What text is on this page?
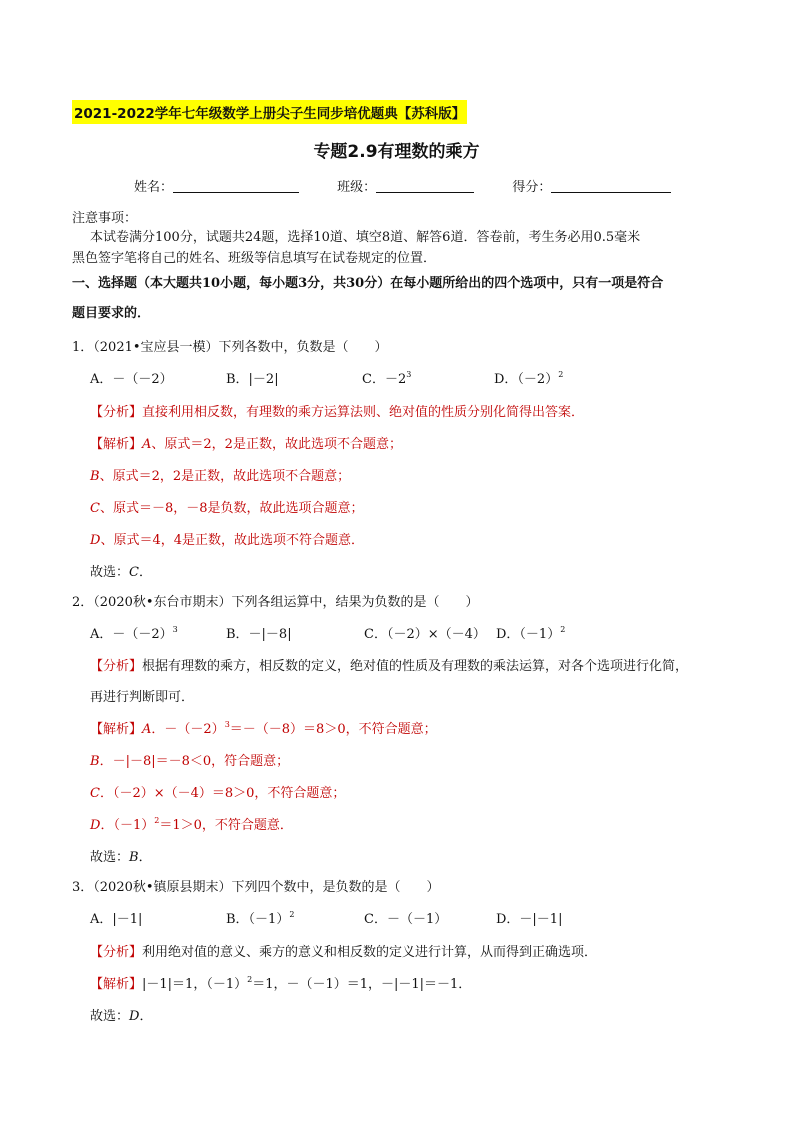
2021-2022学年七年级数学上册尖子生同步培优题典【苏科版】
专题2.9有理数的乘方
姓名：	班级：	得分：
注意事项：
本试卷满分100分，试题共24题，选择10道、填空8道、解答6道．答卷前，考生务必用0.5毫米
黑色签字笔将自己的姓名、班级等信息填写在试卷规定的位置．
一、选择题（本大题共10小题，每小题3分，共30分）在每小题所给出的四个选项中，只有一项是符合
题目要求的．
1．（2021•宝应县一模）下列各数中，负数是（　　）
A．－（－2）	B．|－2|	C．$-2^3$	D．$(-2)^2$
【分析】直接利用相反数，有理数的乘方运算法则、绝对值的性质分别化简得出答案．
【解析】A、原式＝2，2是正数，故此选项不合题意；
B、原式＝2，2是正数，故此选项不合题意；
C、原式＝－8，－8是负数，故此选项合题意；
D、原式＝4，4是正数，故此选项不符合题意．
故选：C．
2．（2020秋•东台市期末）下列各组运算中，结果为负数的是（　　）
A．$-(-2)^3$	B．－|－8|	C．（－2）×（－4） D．$(-1)^2$
【分析】根据有理数的乘方，相反数的定义，绝对值的性质及有理数的乘法运算，对各个选项进行化简，
再进行判断即可．
【解析】A．$-(-2)^3=-(-8)=8>0$，不符合题意；
B．－|－8|＝－8＜0，符合题意；
C．（－2）×（－4）＝8＞0，不符合题意；
D．$(-1)^2=1>0$，不符合题意．
故选：B．
3．（2020秋•镇原县期末）下列四个数中，是负数的是（　　）
A．|－1|	B．$(-1)^2$	C．－（－1）	D．－|－1|
【分析】利用绝对值的意义、乘方的意义和相反数的定义进行计算，从而得到正确选项．
【解析】|－1|＝1，$(-1)^2=1$，－（－1）＝1，－|－1|＝－1．
故选：D．
